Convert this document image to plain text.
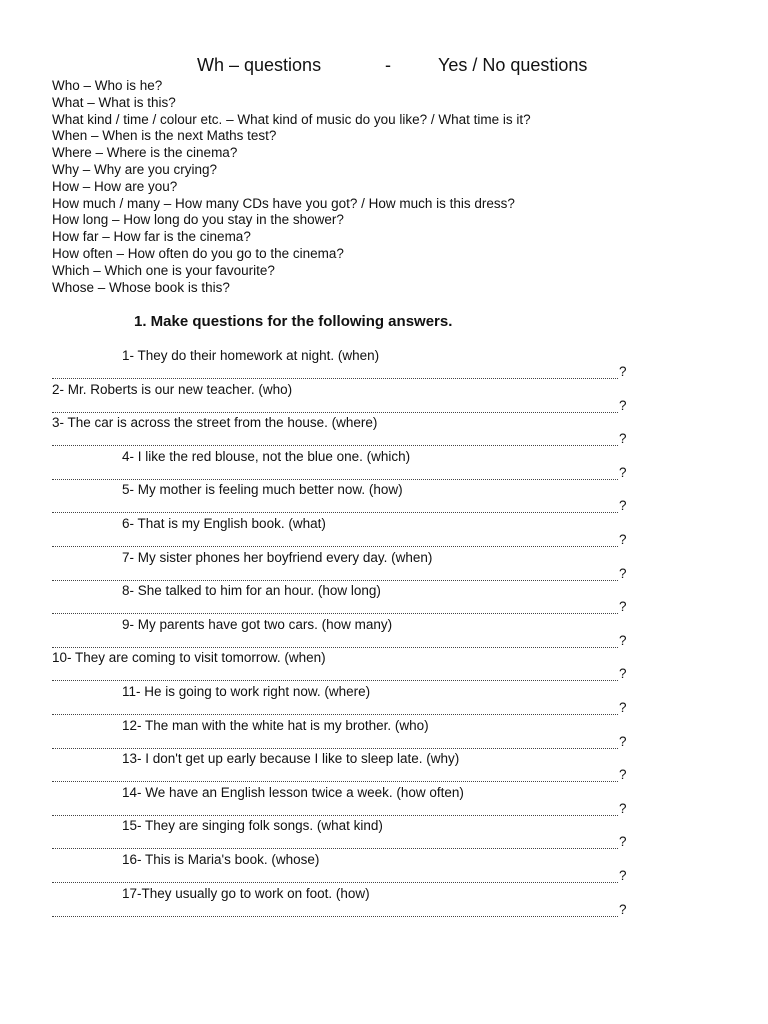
Wh – questions	-	Yes / No questions
Who – Who is he?
What – What is this?
What kind / time / colour etc. – What kind of music do you like? / What time is it?
When – When is the next Maths test?
Where – Where is the cinema?
Why – Why are you crying?
How – How are you?
How much / many – How many CDs have you got? / How much is this dress?
How long – How long do you stay in the shower?
How far – How far is the cinema?
How often – How often do you go to the cinema?
Which – Which one is your favourite?
Whose – Whose book is this?
1. Make questions for the following answers.
1- They do their homework at night. (when)
?
2- Mr. Roberts is our new teacher. (who)
?
3- The car is across the street from the house. (where)
?
4- I like the red blouse, not the blue one. (which)
?
5- My mother is feeling much better now. (how)
?
6- That is my English book. (what)
?
7- My sister phones her boyfriend every day. (when)
?
8- She talked to him for an hour. (how long)
?
9- My parents have got two cars. (how many)
?
10- They are coming to visit tomorrow. (when)
?
11- He is going to work right now. (where)
?
12- The man with the white hat is my brother. (who)
?
13- I don't get up early because I like to sleep late. (why)
?
14- We have an English lesson twice a week. (how often)
?
15- They are singing folk songs. (what kind)
?
16- This is Maria's book. (whose)
?
17-They usually go to work on foot. (how)
?
